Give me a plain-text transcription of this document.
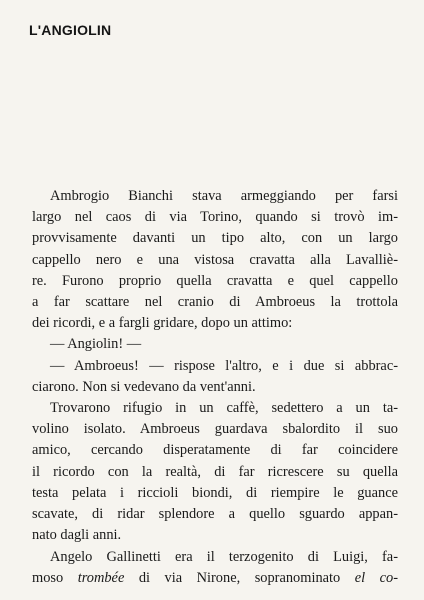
L'ANGIOLIN
Ambrogio Bianchi stava armeggiando per farsi
largo nel caos di via Torino, quando si trovò im-
provvisamente davanti un tipo alto, con un largo
cappello nero e una vistosa cravatta alla Lavalliè-
re. Furono proprio quella cravatta e quel cappello
a far scattare nel cranio di Ambroeus la trottola
dei ricordi, e a fargli gridare, dopo un attimo:
— Angiolin! —
— Ambroeus! — rispose l'altro, e i due si abbrac-
ciarono. Non si vedevano da vent'anni.
Trovarono rifugio in un caffè, sedettero a un ta-
volino isolato. Ambroeus guardava sbalordito il suo
amico, cercando disperatamente di far coincidere
il ricordo con la realtà, di far ricrescere su quella
testa pelata i riccioli biondi, di riempire le guance
scavate, di ridar splendore a quello sguardo appan-
nato dagli anni.
Angelo Gallinetti era il terzogenito di Luigi, fa-
moso trombée di via Nirone, sopranominato el co-
